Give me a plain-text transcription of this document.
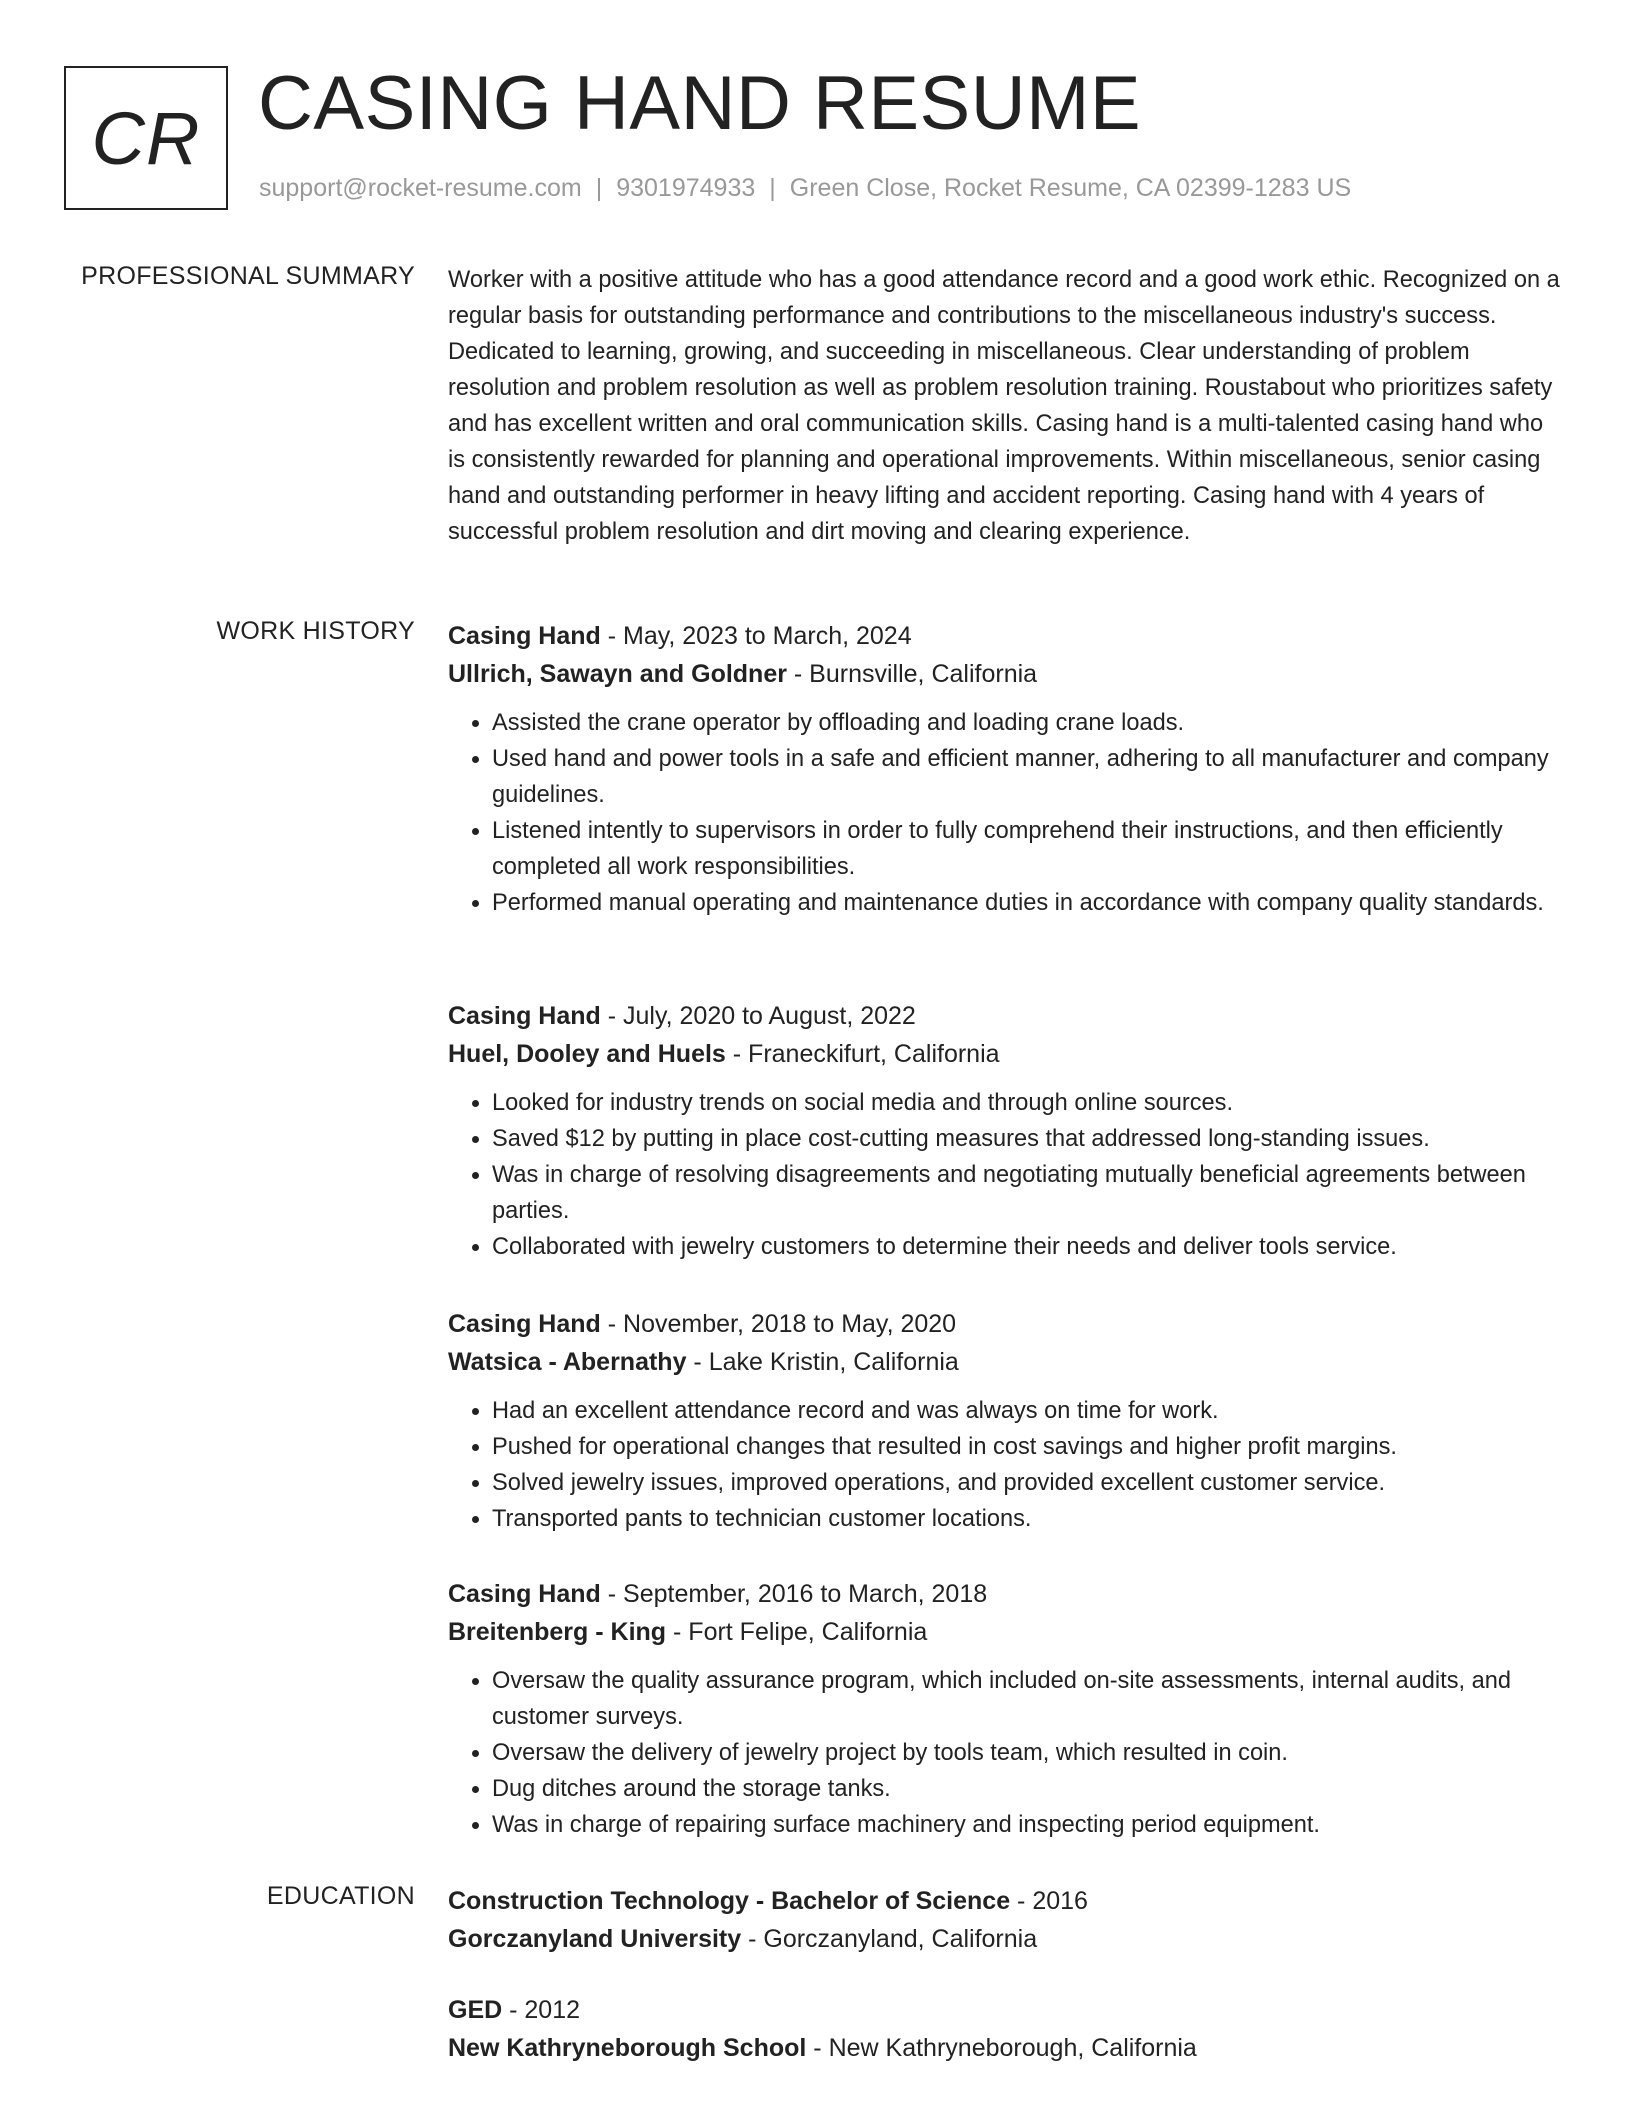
CR CASING HAND RESUME
support@rocket-resume.com | 9301974933 | Green Close, Rocket Resume, CA 02399-1283 US
PROFESSIONAL SUMMARY Worker with a positive attitude who has a good attendance record and a good work ethic. Recognized on a regular basis for outstanding performance and contributions to the miscellaneous industry's success. Dedicated to learning, growing, and succeeding in miscellaneous. Clear understanding of problem resolution and problem resolution as well as problem resolution training. Roustabout who prioritizes safety and has excellent written and oral communication skills. Casing hand is a multi-talented casing hand who is consistently rewarded for planning and operational improvements. Within miscellaneous, senior casing hand and outstanding performer in heavy lifting and accident reporting. Casing hand with 4 years of successful problem resolution and dirt moving and clearing experience.

WORK HISTORY Casing Hand - May, 2023 to March, 2024
Ullrich, Sawayn and Goldner - Burnsville, California
• Assisted the crane operator by offloading and loading crane loads.
• Used hand and power tools in a safe and efficient manner, adhering to all manufacturer and company guidelines.
• Listened intently to supervisors in order to fully comprehend their instructions, and then efficiently completed all work responsibilities.
• Performed manual operating and maintenance duties in accordance with company quality standards.
Casing Hand - July, 2020 to August, 2022
Huel, Dooley and Huels - Franeckifurt, California
• Looked for industry trends on social media and through online sources.
• Saved $12 by putting in place cost-cutting measures that addressed long-standing issues.
• Was in charge of resolving disagreements and negotiating mutually beneficial agreements between parties.
• Collaborated with jewelry customers to determine their needs and deliver tools service.
Casing Hand - November, 2018 to May, 2020
Watsica - Abernathy - Lake Kristin, California
• Had an excellent attendance record and was always on time for work.
• Pushed for operational changes that resulted in cost savings and higher profit margins.
• Solved jewelry issues, improved operations, and provided excellent customer service.
• Transported pants to technician customer locations.
Casing Hand - September, 2016 to March, 2018
Breitenberg - King - Fort Felipe, California
• Oversaw the quality assurance program, which included on-site assessments, internal audits, and customer surveys.
• Oversaw the delivery of jewelry project by tools team, which resulted in coin.
• Dug ditches around the storage tanks.
• Was in charge of repairing surface machinery and inspecting period equipment.
EDUCATION Construction Technology - Bachelor of Science - 2016
Gorczanyland University - Gorczanyland, California
GED - 2012
New Kathryneborough School - New Kathryneborough, California
